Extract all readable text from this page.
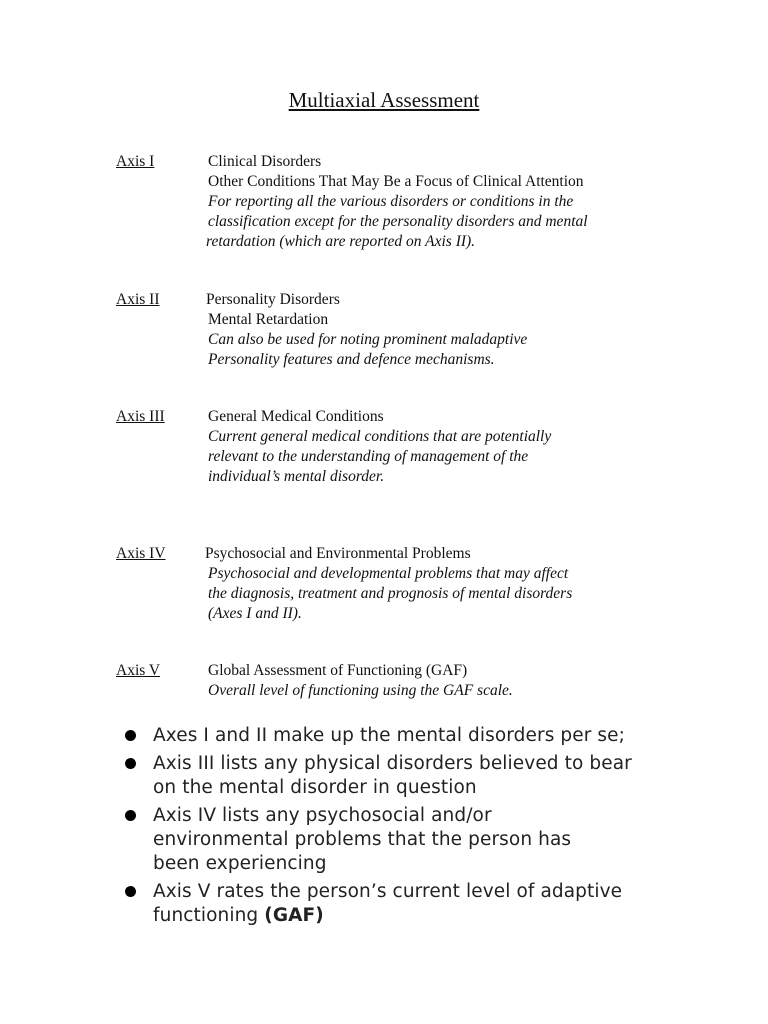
Multiaxial Assessment
Axis I	Clinical Disorders
Other Conditions That May Be a Focus of Clinical Attention
For reporting all the various disorders or conditions in the
classification except for the personality disorders and mental
retardation (which are reported on Axis II).
Axis II	Personality Disorders
Mental Retardation
Can also be used for noting prominent maladaptive
Personality features and defence mechanisms.
Axis III	General Medical Conditions
Current general medical conditions that are potentially
relevant to the understanding of management of the
individual’s mental disorder.
Axis IV	Psychosocial and Environmental Problems
Psychosocial and developmental problems that may affect
the diagnosis, treatment and prognosis of mental disorders
(Axes I and II).
Axis V	Global Assessment of Functioning (GAF)
Overall level of functioning using the GAF scale.
Axes I and II make up the mental disorders per se;
Axis III lists any physical disorders believed to bear
on the mental disorder in question
Axis IV lists any psychosocial and/or
environmental problems that the person has
been experiencing
Axis V rates the person’s current level of adaptive
functioning (GAF)
